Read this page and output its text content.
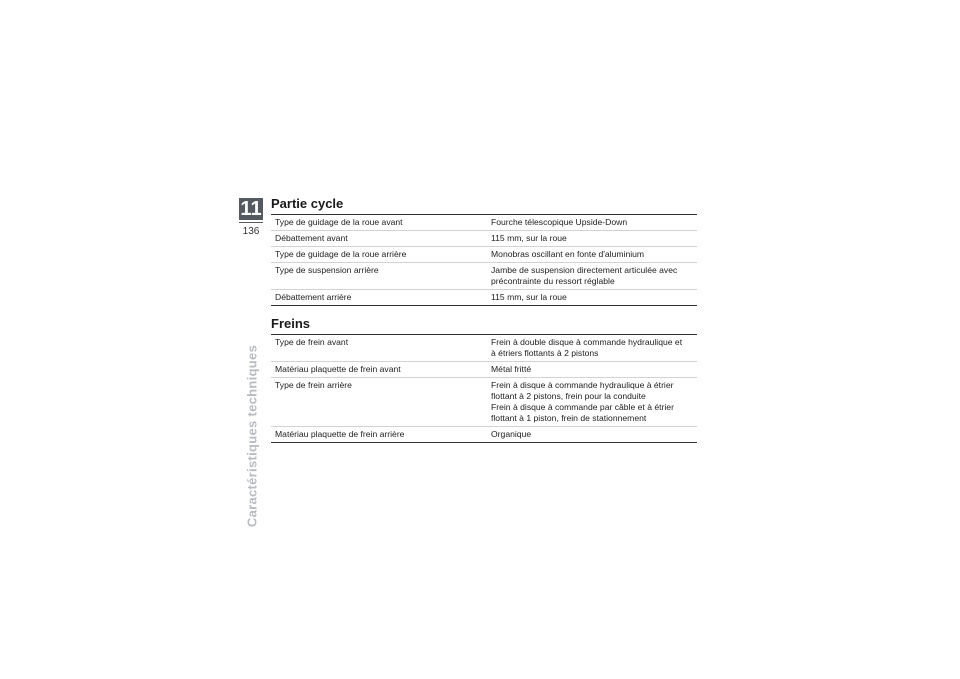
11
136
Caractéristiques techniques
Partie cycle
Type de guidage de la roue avant	Fourche télescopique Upside-Down
Débattement avant	115 mm, sur la roue
Type de guidage de la roue arrière	Monobras oscillant en fonte d'aluminium
Type de suspension arrière	Jambe de suspension directement articulée avec
précontrainte du ressort réglable
Débattement arrière	115 mm, sur la roue
Freins
Type de frein avant	Frein à double disque à commande hydraulique et
à étriers flottants à 2 pistons
Matériau plaquette de frein avant	Métal fritté
Type de frein arrière	Frein à disque à commande hydraulique à étrier
flottant à 2 pistons, frein pour la conduite
Frein à disque à commande par câble et à étrier
flottant à 1 piston, frein de stationnement
Matériau plaquette de frein arrière	Organique
